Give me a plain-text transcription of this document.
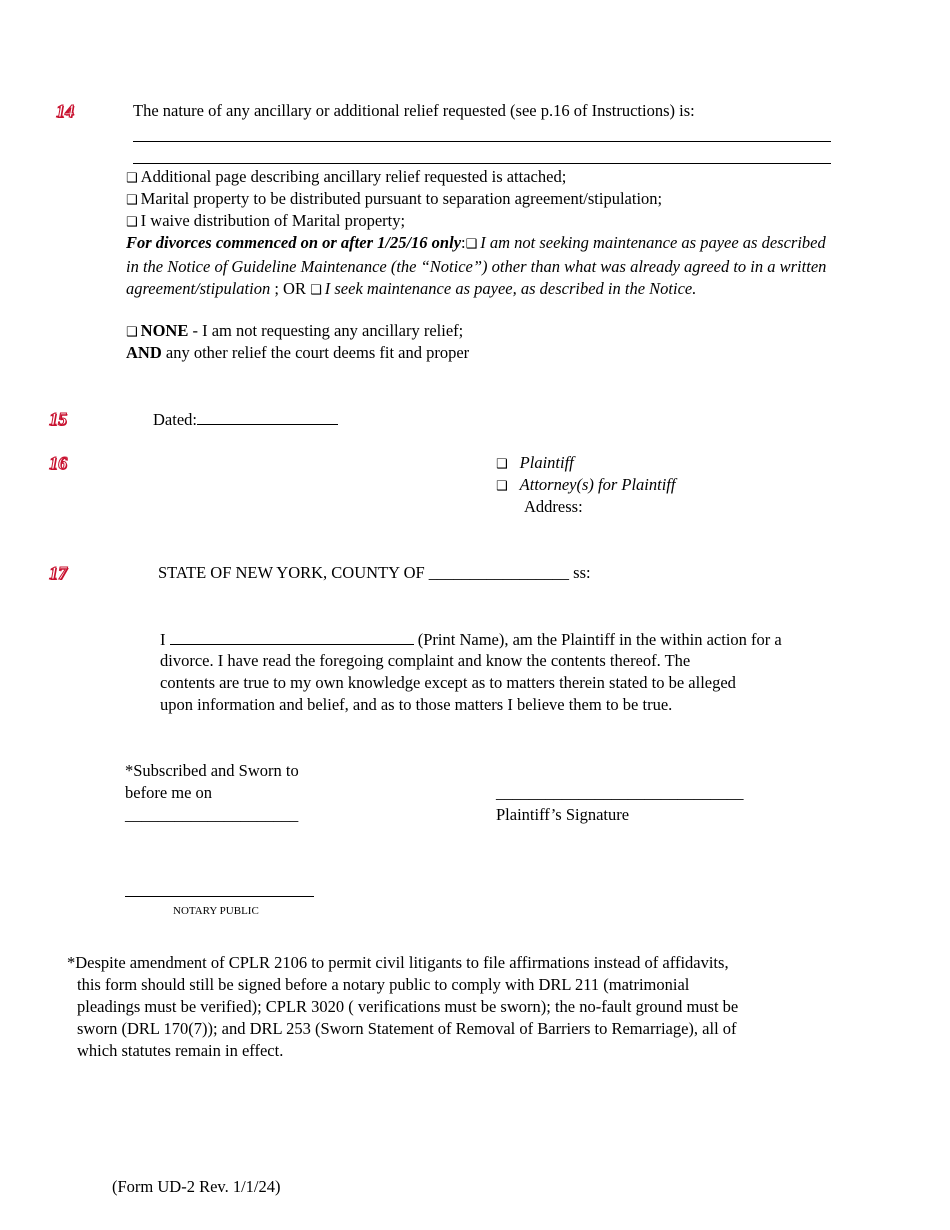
14
15
16
17
The nature of any ancillary or additional relief requested (see p.16 of Instructions) is:
❑ Additional page describing ancillary relief requested is attached;
❑ Marital property to be distributed pursuant to separation agreement/stipulation;
❑ I waive distribution of Marital property;
For divorces commenced on or after 1/25/16 only:❑ I am not seeking maintenance as payee as described in the Notice of Guideline Maintenance (the “Notice”) other than what was already agreed to in a written agreement/stipulation ; OR ❑ I seek maintenance as payee, as described in the Notice.
❑ NONE - I am not requesting any ancillary relief;
AND any other relief the court deems fit and proper
Dated:
❑ Plaintiff
❑ Attorney(s) for Plaintiff
Address:
STATE OF NEW YORK, COUNTY OF _________________ ss:
I	(Print Name), am the Plaintiff in the within action for a
divorce. I have read the foregoing complaint and know the contents thereof. The
contents are true to my own knowledge except as to matters therein stated to be alleged
upon information and belief, and as to those matters I believe them to be true.
*Subscribed and Sworn to
before me on
_____________________
______________________________
Plaintiff’s Signature
NOTARY PUBLIC
*Despite amendment of CPLR 2106 to permit civil litigants to file affirmations instead of affidavits,
this form should still be signed before a notary public to comply with DRL 211 (matrimonial
pleadings must be verified); CPLR 3020 ( verifications must be sworn); the no-fault ground must be
sworn (DRL 170(7)); and DRL 253 (Sworn Statement of Removal of Barriers to Remarriage), all of
which statutes remain in effect.
(Form UD-2 Rev. 1/1/24)
